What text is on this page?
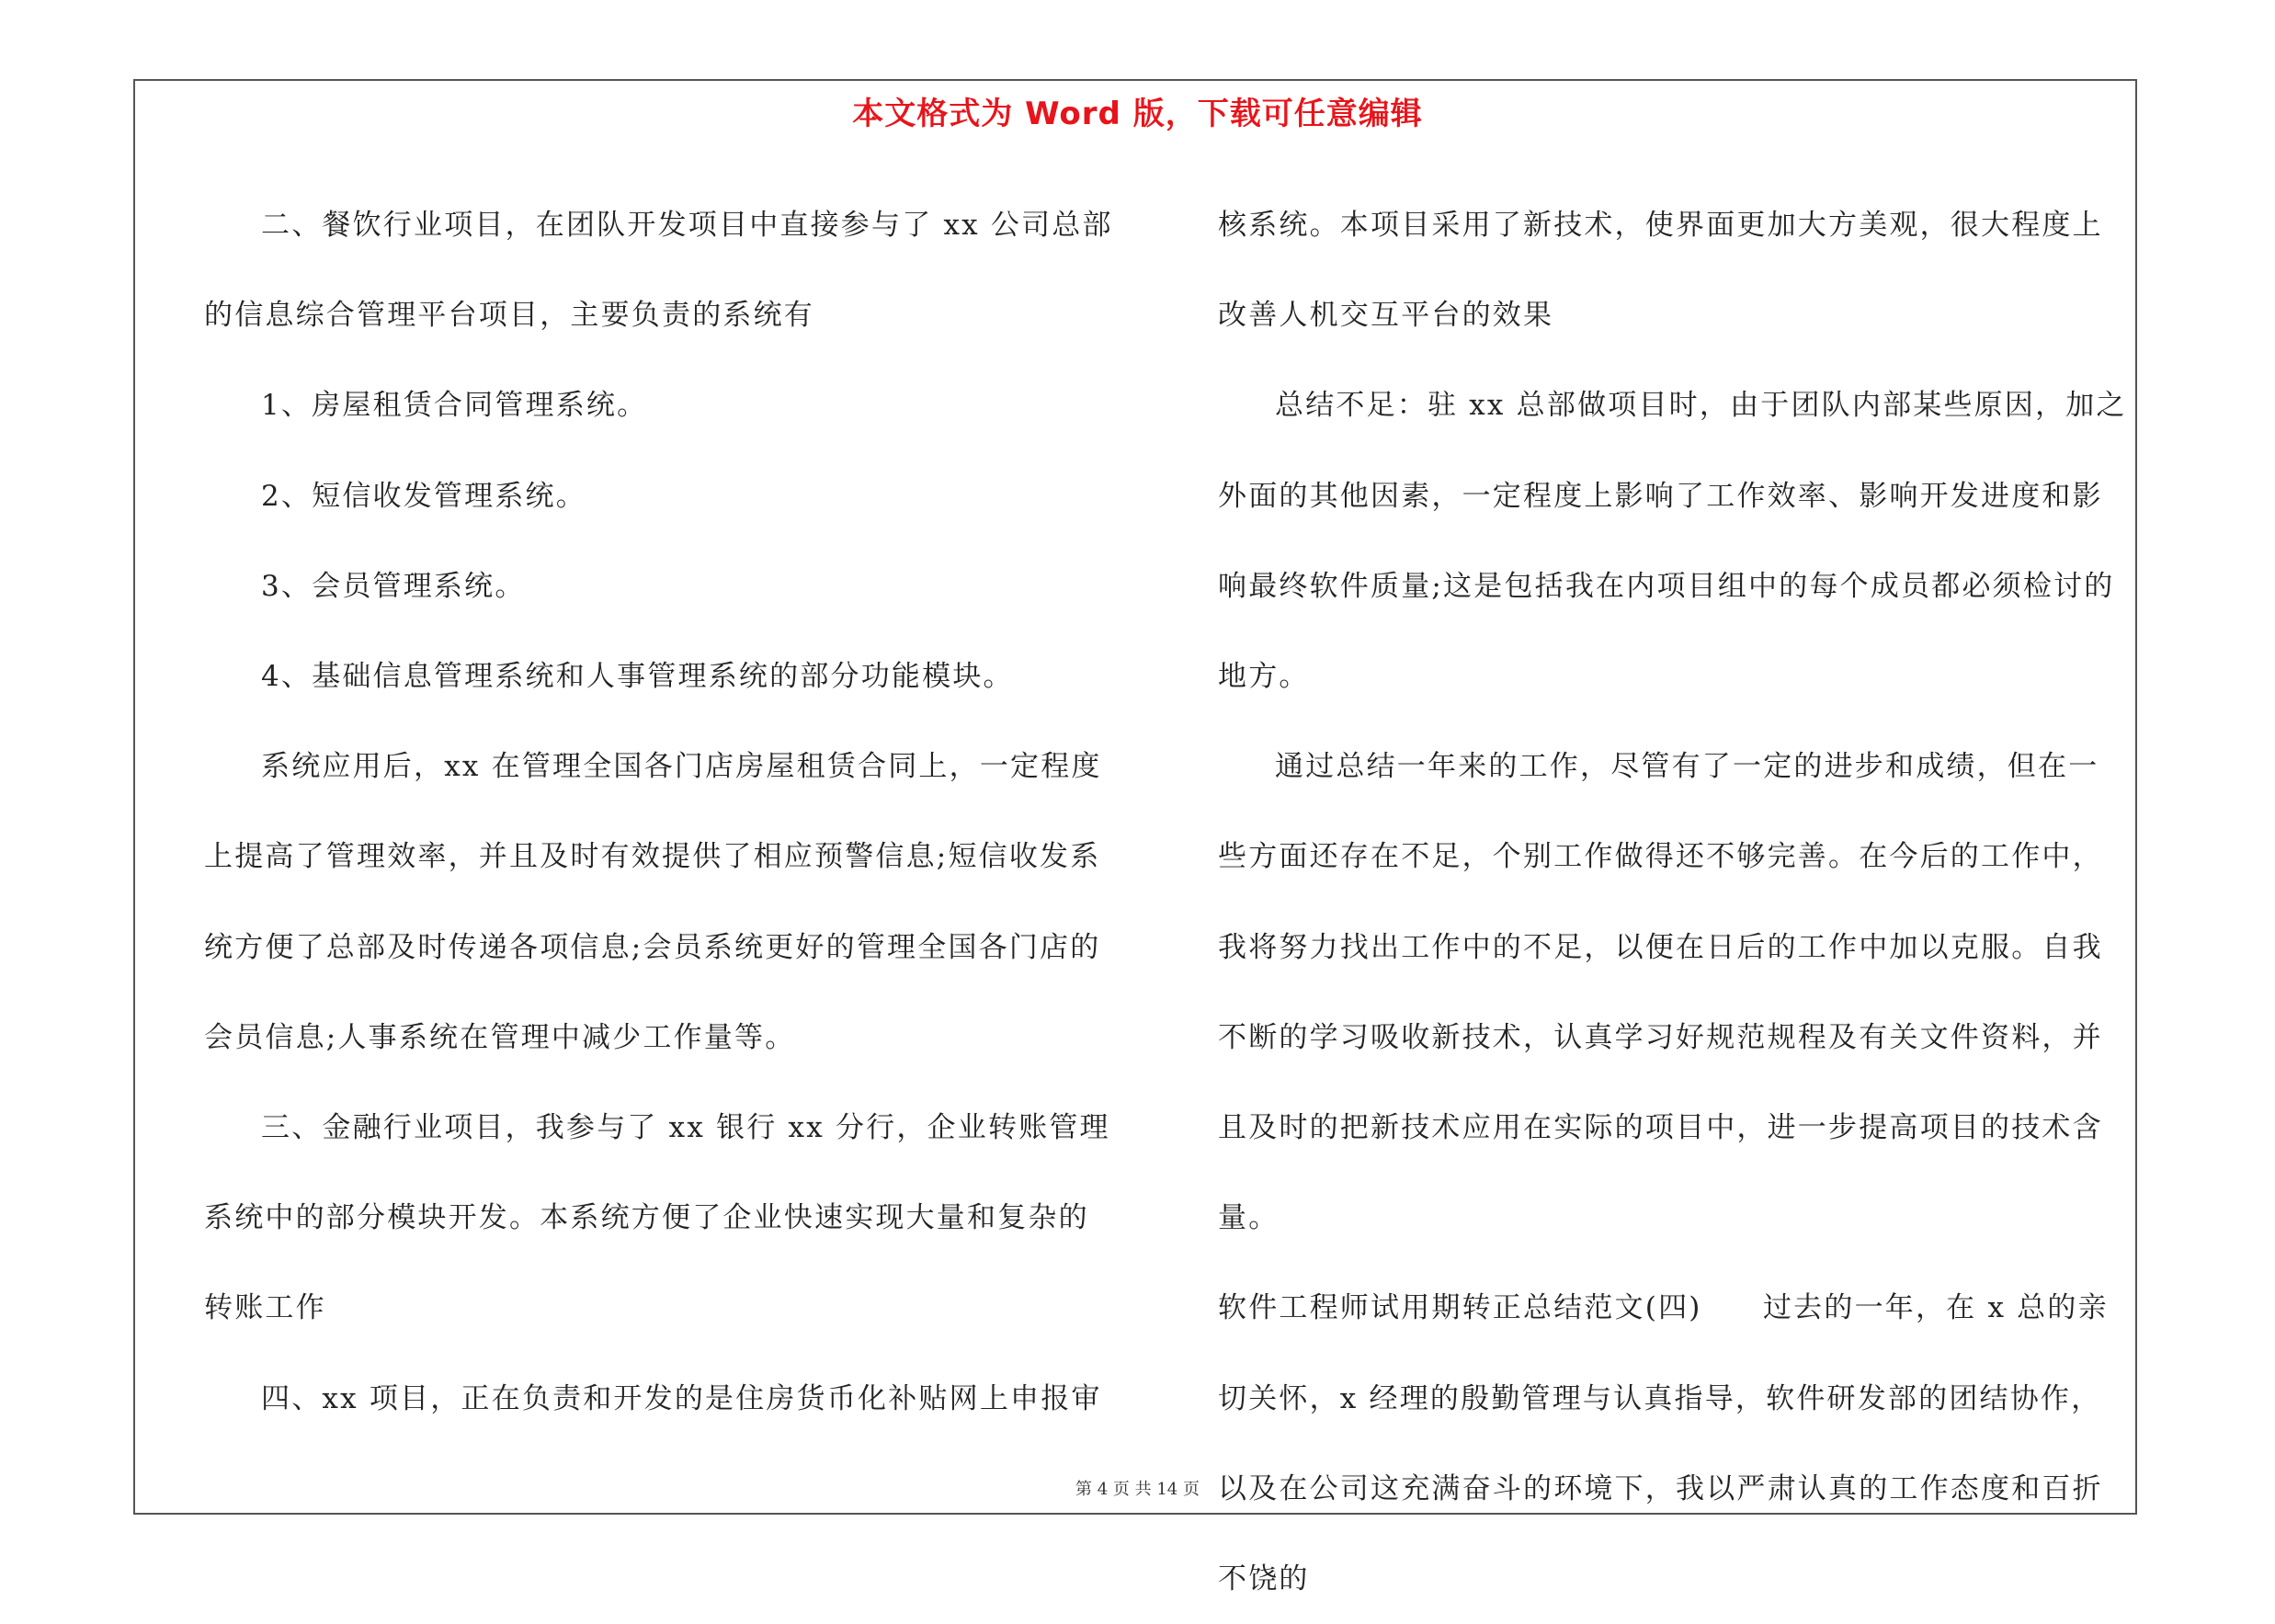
本文格式为 Word 版，下载可任意编辑

二、餐饮行业项目，在团队开发项目中直接参与了 xx 公司总部的信息综合管理平台项目，主要负责的系统有

1、房屋租赁合同管理系统。

2、短信收发管理系统。

3、会员管理系统。

4、基础信息管理系统和人事管理系统的部分功能模块。

系统应用后，xx 在管理全国各门店房屋租赁合同上，一定程度上提高了管理效率，并且及时有效提供了相应预警信息;短信收发系统方便了总部及时传递各项信息;会员系统更好的管理全国各门店的会员信息;人事系统在管理中减少工作量等。

三、金融行业项目，我参与了 xx 银行 xx 分行，企业转账管理系统中的部分模块开发。本系统方便了企业快速实现大量和复杂的转账工作

四、xx 项目，正在负责和开发的是住房货币化补贴网上申报审

核系统。本项目采用了新技术，使界面更加大方美观，很大程度上改善人机交互平台的效果

总结不足：驻 xx 总部做项目时，由于团队内部某些原因，加之外面的其他因素，一定程度上影响了工作效率、影响开发进度和影响最终软件质量;这是包括我在内项目组中的每个成员都必须检讨的地方。

通过总结一年来的工作，尽管有了一定的进步和成绩，但在一些方面还存在不足，个别工作做得还不够完善。在今后的工作中，我将努力找出工作中的不足，以便在日后的工作中加以克服。自我不断的学习吸收新技术，认真学习好规范规程及有关文件资料，并且及时的把新技术应用在实际的项目中，进一步提高项目的技术含量。

软件工程师试用期转正总结范文(四)　　过去的一年，在 x 总的亲切关怀，x 经理的殷勤管理与认真指导，软件研发部的团结协作，以及在公司这充满奋斗的环境下，我以严肃认真的工作态度和百折不饶的

第 4 页 共 14 页
